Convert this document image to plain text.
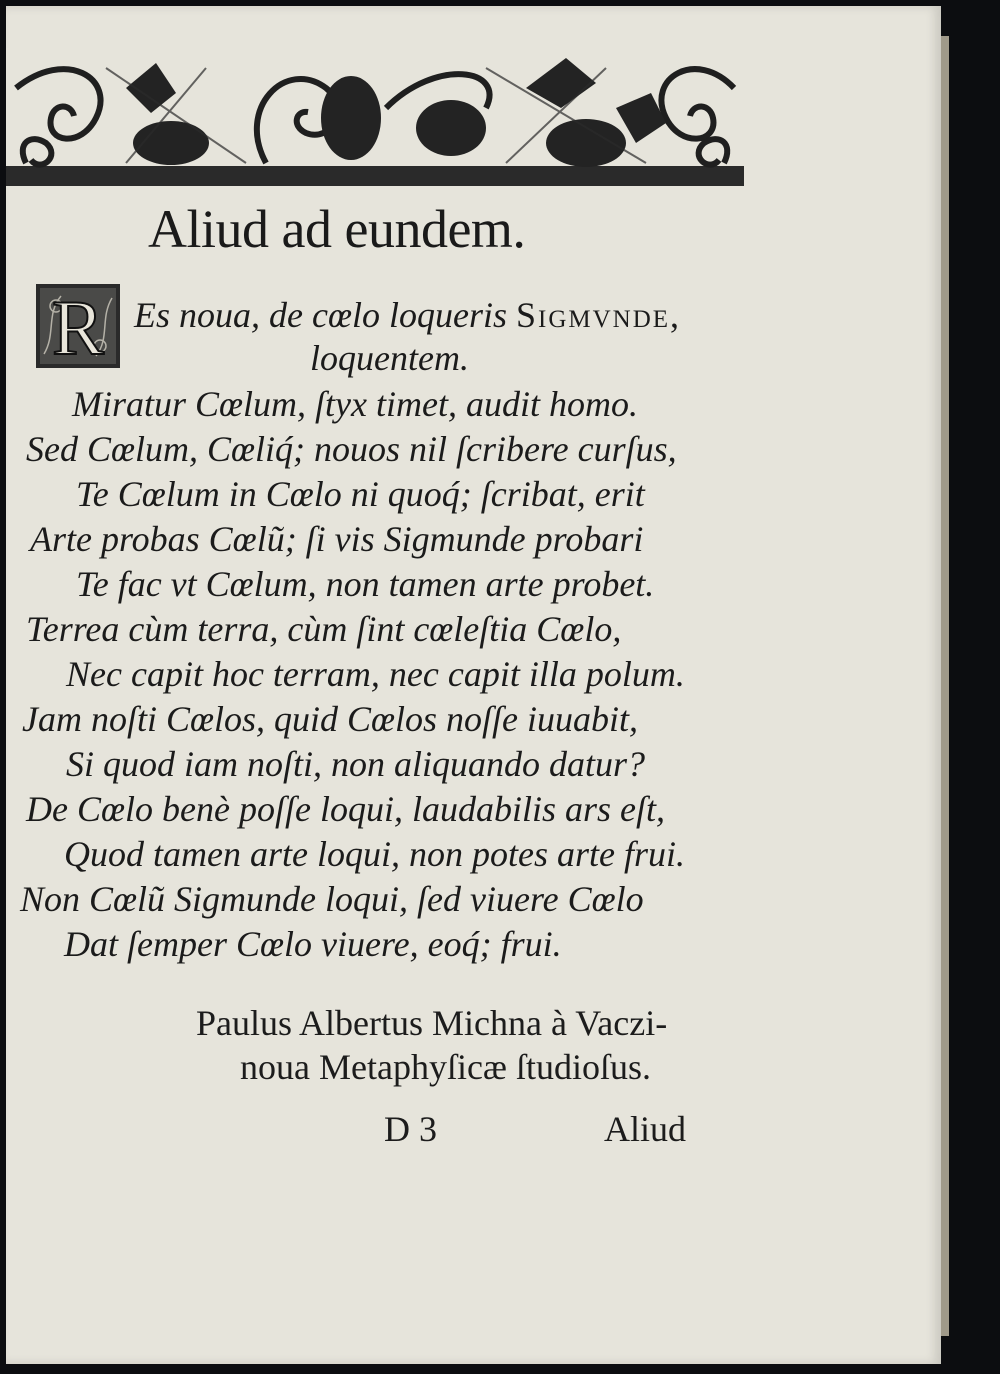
Aliud ad eundem.
R Es noua, de cœlo loqueris Sigmvnde,
loquentem.
Miratur Cœlum, ſtyx timet, audit homo.
Sed Cœlum, Cœliq́; nouos nil ſcribere curſus,
Te Cœlum in Cœlo ni quoq́; ſcribat, erit
Arte probas Cœlũ; ſi vis Sigmunde probari
Te fac vt Cœlum, non tamen arte probet.
Terrea cùm terra, cùm ſint cœleſtia Cœlo,
Nec capit hoc terram, nec capit illa polum.
Jam noſti Cœlos, quid Cœlos noſſe iuuabit,
Si quod iam noſti, non aliquando datur?
De Cœlo benè poſſe loqui, laudabilis ars eſt,
Quod tamen arte loqui, non potes arte frui.
Non Cœlũ Sigmunde loqui, ſed viuere Cœlo
Dat ſemper Cœlo viuere, eoq́; frui.
Paulus Albertus Michna à Vaczi-
noua Metaphyſicæ ſtudioſus.
D 3	Aliud
